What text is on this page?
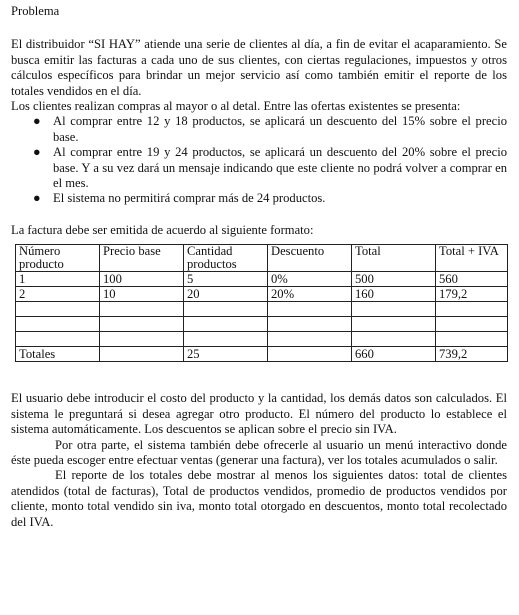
Problema

El distribuidor “SI HAY” atiende una serie de clientes al día, a fin de evitar el acaparamiento. Se busca emitir las facturas a cada uno de sus clientes, con ciertas regulaciones, impuestos y otros cálculos específicos para brindar un mejor servicio así como también emitir el reporte de los totales vendidos en el día.

Los clientes realizan compras al mayor o al detal. Entre las ofertas existentes se presenta:

● Al comprar entre 12 y 18 productos, se aplicará un descuento del 15% sobre el precio base.
● Al comprar entre 19 y 24 productos, se aplicará un descuento del 20% sobre el precio base. Y a su vez dará un mensaje indicando que este cliente no podrá volver a comprar en el mes.
● El sistema no permitirá comprar más de 24 productos.

La factura debe ser emitida de acuerdo al siguiente formato:

Número producto	Precio base	Cantidad productos	Descuento	Total	Total + IVA
1	100	5	0%	500	560
2	10	20	20%	160	179,2

Totales		25		660	739,2

El usuario debe introducir el costo del producto y la cantidad, los demás datos son calculados. El sistema le preguntará si desea agregar otro producto. El número del producto lo establece el sistema automáticamente. Los descuentos se aplican sobre el precio sin IVA.

Por otra parte, el sistema también debe ofrecerle al usuario un menú interactivo donde éste pueda escoger entre efectuar ventas (generar una factura), ver los totales acumulados o salir.

El reporte de los totales debe mostrar al menos los siguientes datos: total de clientes atendidos (total de facturas), Total de productos vendidos, promedio de productos vendidos por cliente, monto total vendido sin iva, monto total otorgado en descuentos, monto total recolectado del IVA.
